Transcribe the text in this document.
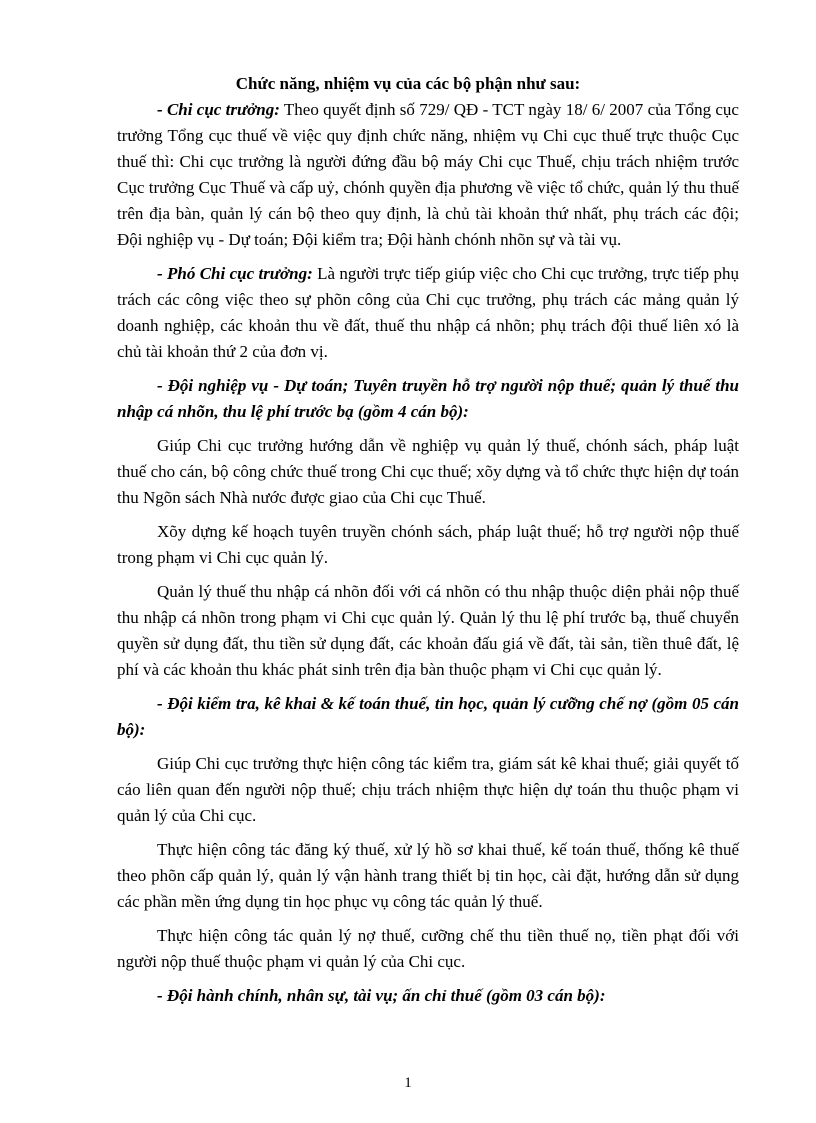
Chức năng, nhiệm vụ của các bộ phận như sau:

- Chi cục trưởng: Theo quyết định số 729/ QĐ - TCT ngày 18/ 6/ 2007 của Tổng cục trưởng Tổng cục thuế về việc quy định chức năng, nhiệm vụ Chi cục thuế trực thuộc Cục thuế thì: Chi cục trưởng là người đứng đầu bộ máy Chi cục Thuế, chịu trách nhiệm trước Cục trưởng Cục Thuế và cấp uỷ, chónh quyền địa phương về việc tổ chức, quản lý thu thuế trên địa bàn, quản lý cán bộ theo quy định, là chủ tài khoản thứ nhất, phụ trách các đội; Đội nghiệp vụ - Dự toán; Đội kiểm tra; Đội hành chónh nhõn sự và tài vụ.

- Phó Chi cục trưởng: Là người trực tiếp giúp việc cho Chi cục trưởng, trực tiếp phụ trách các công việc theo sự phõn công của Chi cục trưởng, phụ trách các mảng quản lý doanh nghiệp, các khoản thu về đất, thuế thu nhập cá nhõn; phụ trách đội thuế liên xó là chủ tài khoản thứ 2 của đơn vị.

- Đội nghiệp vụ - Dự toán; Tuyên truyền hỗ trợ người nộp thuế; quản lý thuế thu nhập cá nhõn, thu lệ phí trước bạ (gồm 4 cán bộ):

Giúp Chi cục trưởng hướng dẫn về nghiệp vụ quản lý thuế, chónh sách, pháp luật thuế cho cán, bộ công chức thuế trong Chi cục thuế; xõy dựng và tổ chức thực hiện dự toán thu Ngõn sách Nhà nước được giao của Chi cục Thuế.

Xõy dựng kế hoạch tuyên truyền chónh sách, pháp luật thuế; hỗ trợ người nộp thuế trong phạm vi Chi cục quản lý.

Quản lý thuế thu nhập cá nhõn đối với cá nhõn có thu nhập thuộc diện phải nộp thuế thu nhập cá nhõn trong phạm vi Chi cục quản lý. Quản lý thu lệ phí trước bạ, thuế chuyển quyền sử dụng đất, thu tiền sử dụng đất, các khoản đấu giá về đất, tài sản, tiền thuê đất, lệ phí và các khoản thu khác phát sinh trên địa bàn thuộc phạm vi Chi cục quản lý.

- Đội kiểm tra, kê khai & kế toán thuế, tin học, quản lý cưỡng chế nợ (gồm 05 cán bộ):

Giúp Chi cục trưởng thực hiện công tác kiểm tra, giám sát kê khai thuế; giải quyết tố cáo liên quan đến người nộp thuế; chịu trách nhiệm thực hiện dự toán thu thuộc phạm vi quản lý của Chi cục.

Thực hiện công tác đăng ký thuế, xử lý hồ sơ khai thuế, kế toán thuế, thống kê thuế theo phõn cấp quản lý, quản lý vận hành trang thiết bị tin học, cài đặt, hướng dẫn sử dụng các phần mền ứng dụng tin học phục vụ công tác quản lý thuế.

Thực hiện công tác quản lý nợ thuế, cưỡng chế thu tiền thuế nọ, tiền phạt đối với người nộp thuế thuộc phạm vi quản lý của Chi cục.

- Đội hành chính, nhân sự, tài vụ; ấn chỉ thuế (gồm 03 cán bộ):

1
